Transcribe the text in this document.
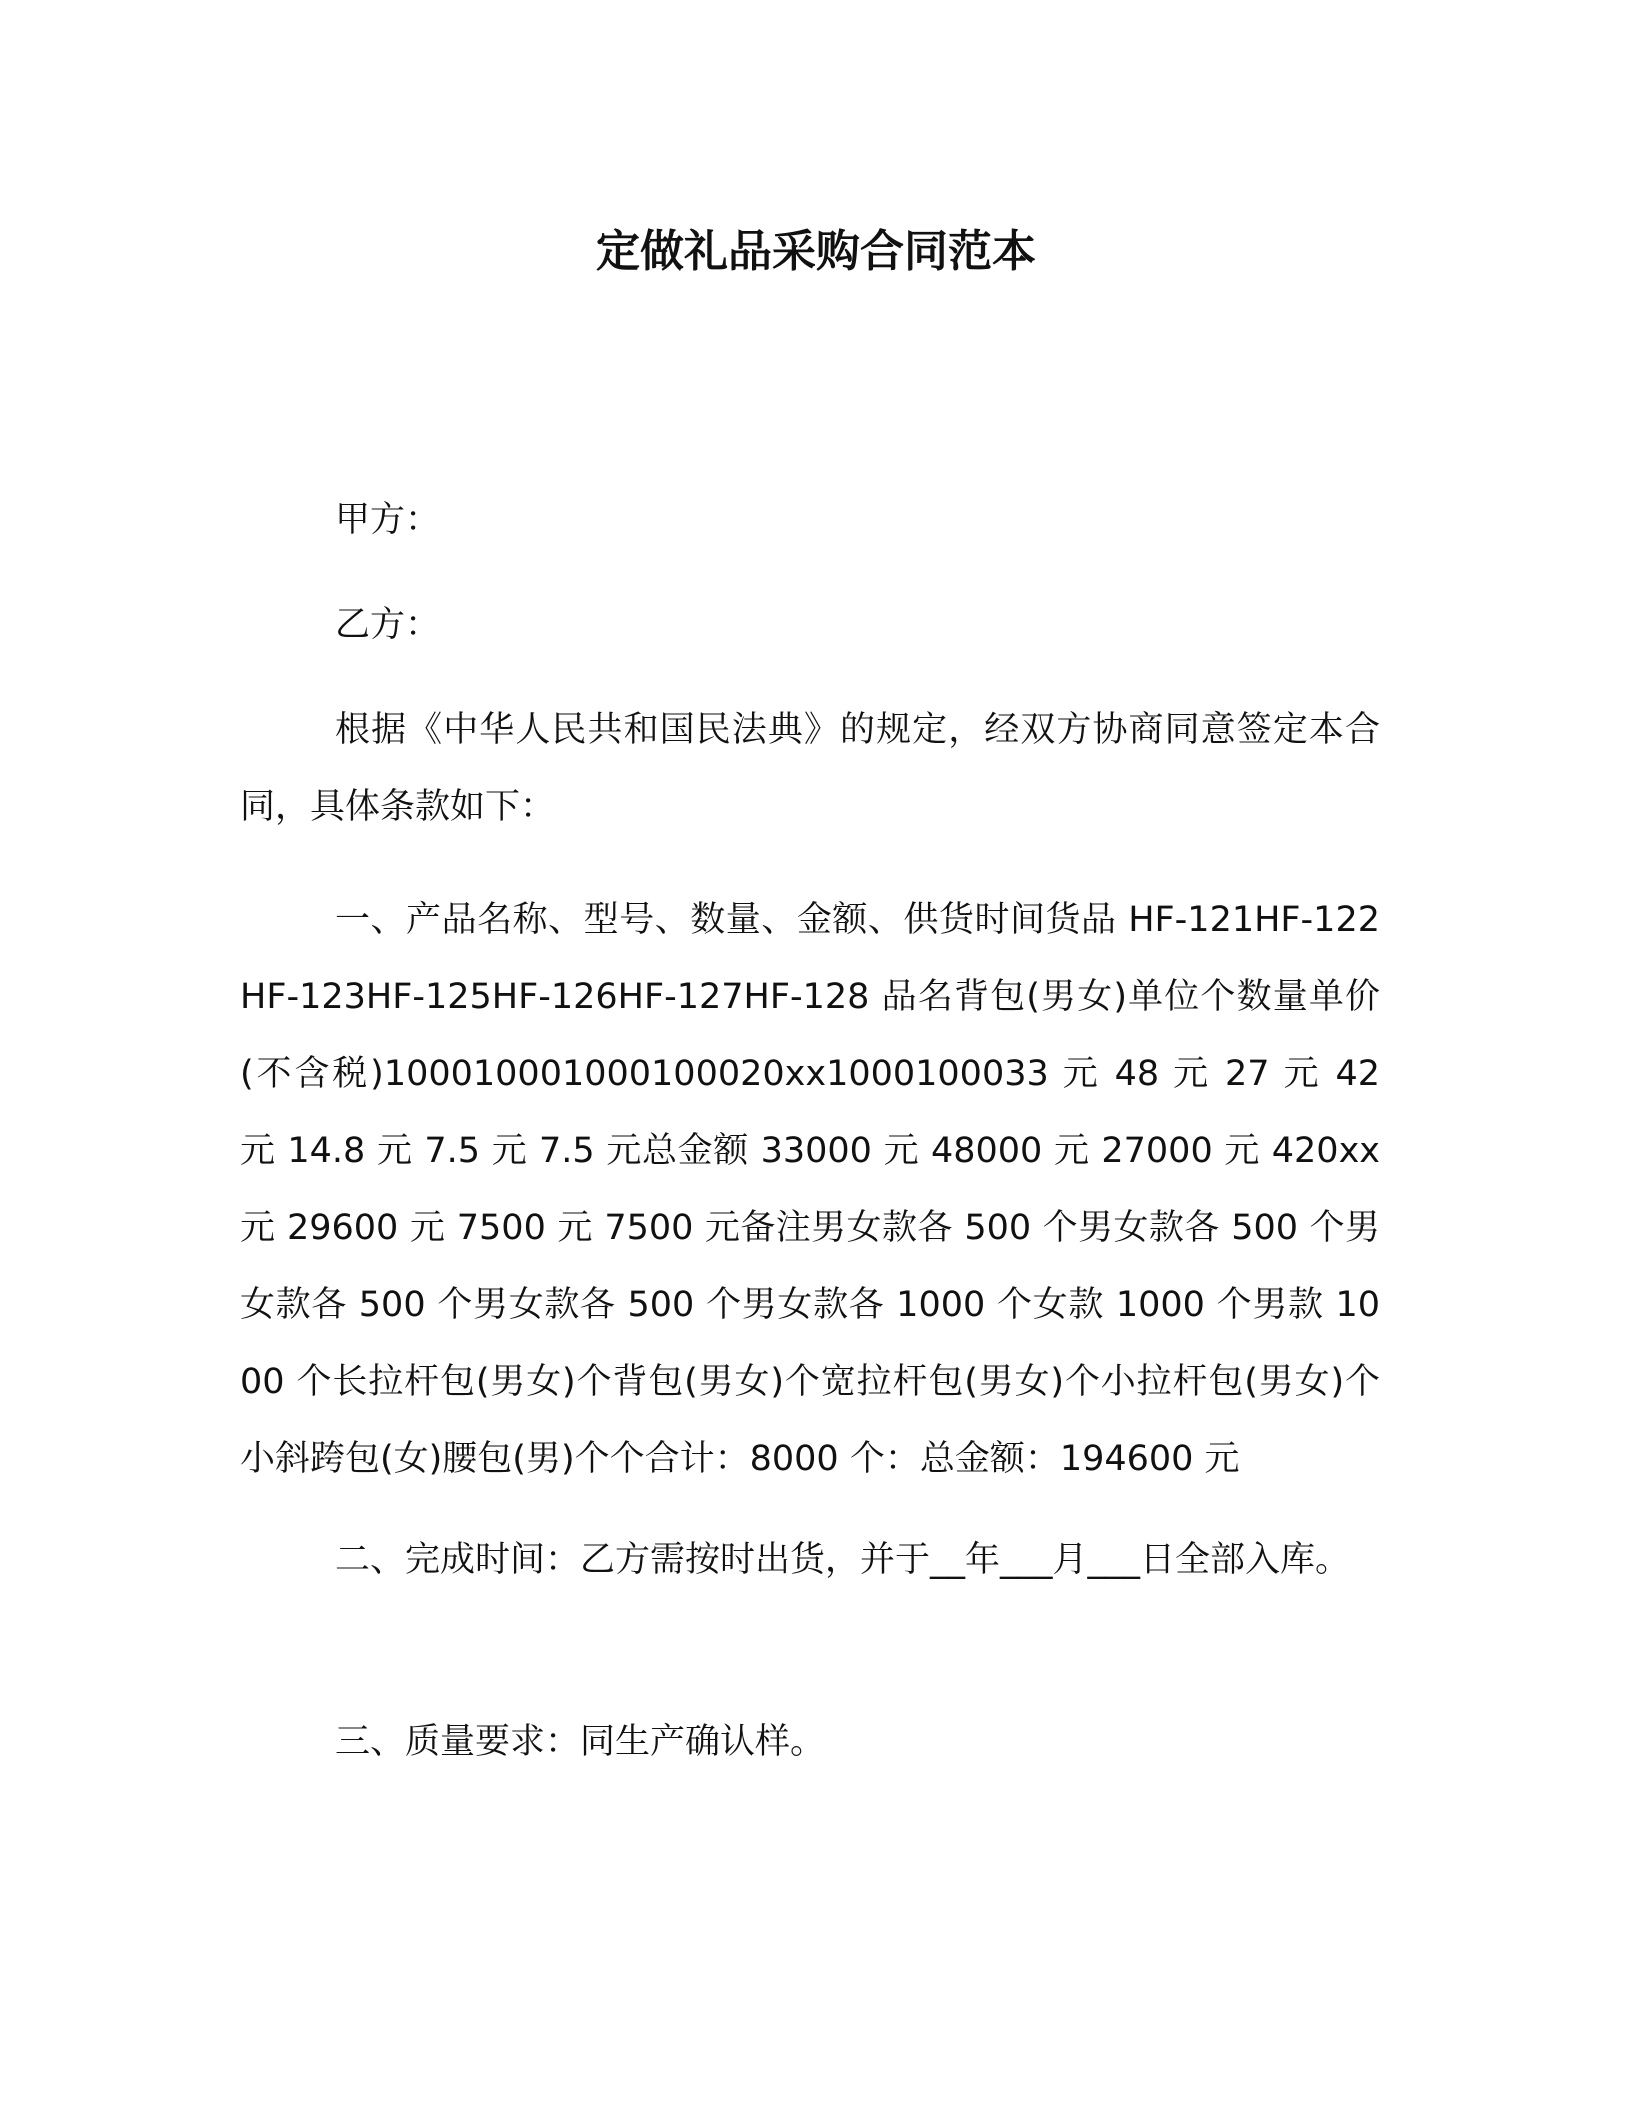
定做礼品采购合同范本

甲方：

乙方：

根据《中华人民共和国民法典》的规定，经双方协商同意签定本合同，具体条款如下：

一、产品名称、型号、数量、金额、供货时间货品 HF-121HF-122HF-123HF-125HF-126HF-127HF-128 品名背包(男女)单位个数量单价(不含税)100010001000100020xx1000100033 元 48 元 27 元 42 元 14.8 元 7.5 元 7.5 元总金额 33000 元 48000 元 27000 元 420xx 元 29600 元 7500 元 7500 元备注男女款各 500 个男女款各 500 个男女款各 500 个男女款各 500 个男女款各 1000 个女款 1000 个男款 1000 个长拉杆包(男女)个背包(男女)个宽拉杆包(男女)个小拉杆包(男女)个小斜跨包(女)腰包(男)个个合计：8000 个：总金额：194600 元

二、完成时间：乙方需按时出货，并于__年___月___日全部入库。

三、质量要求：同生产确认样。
